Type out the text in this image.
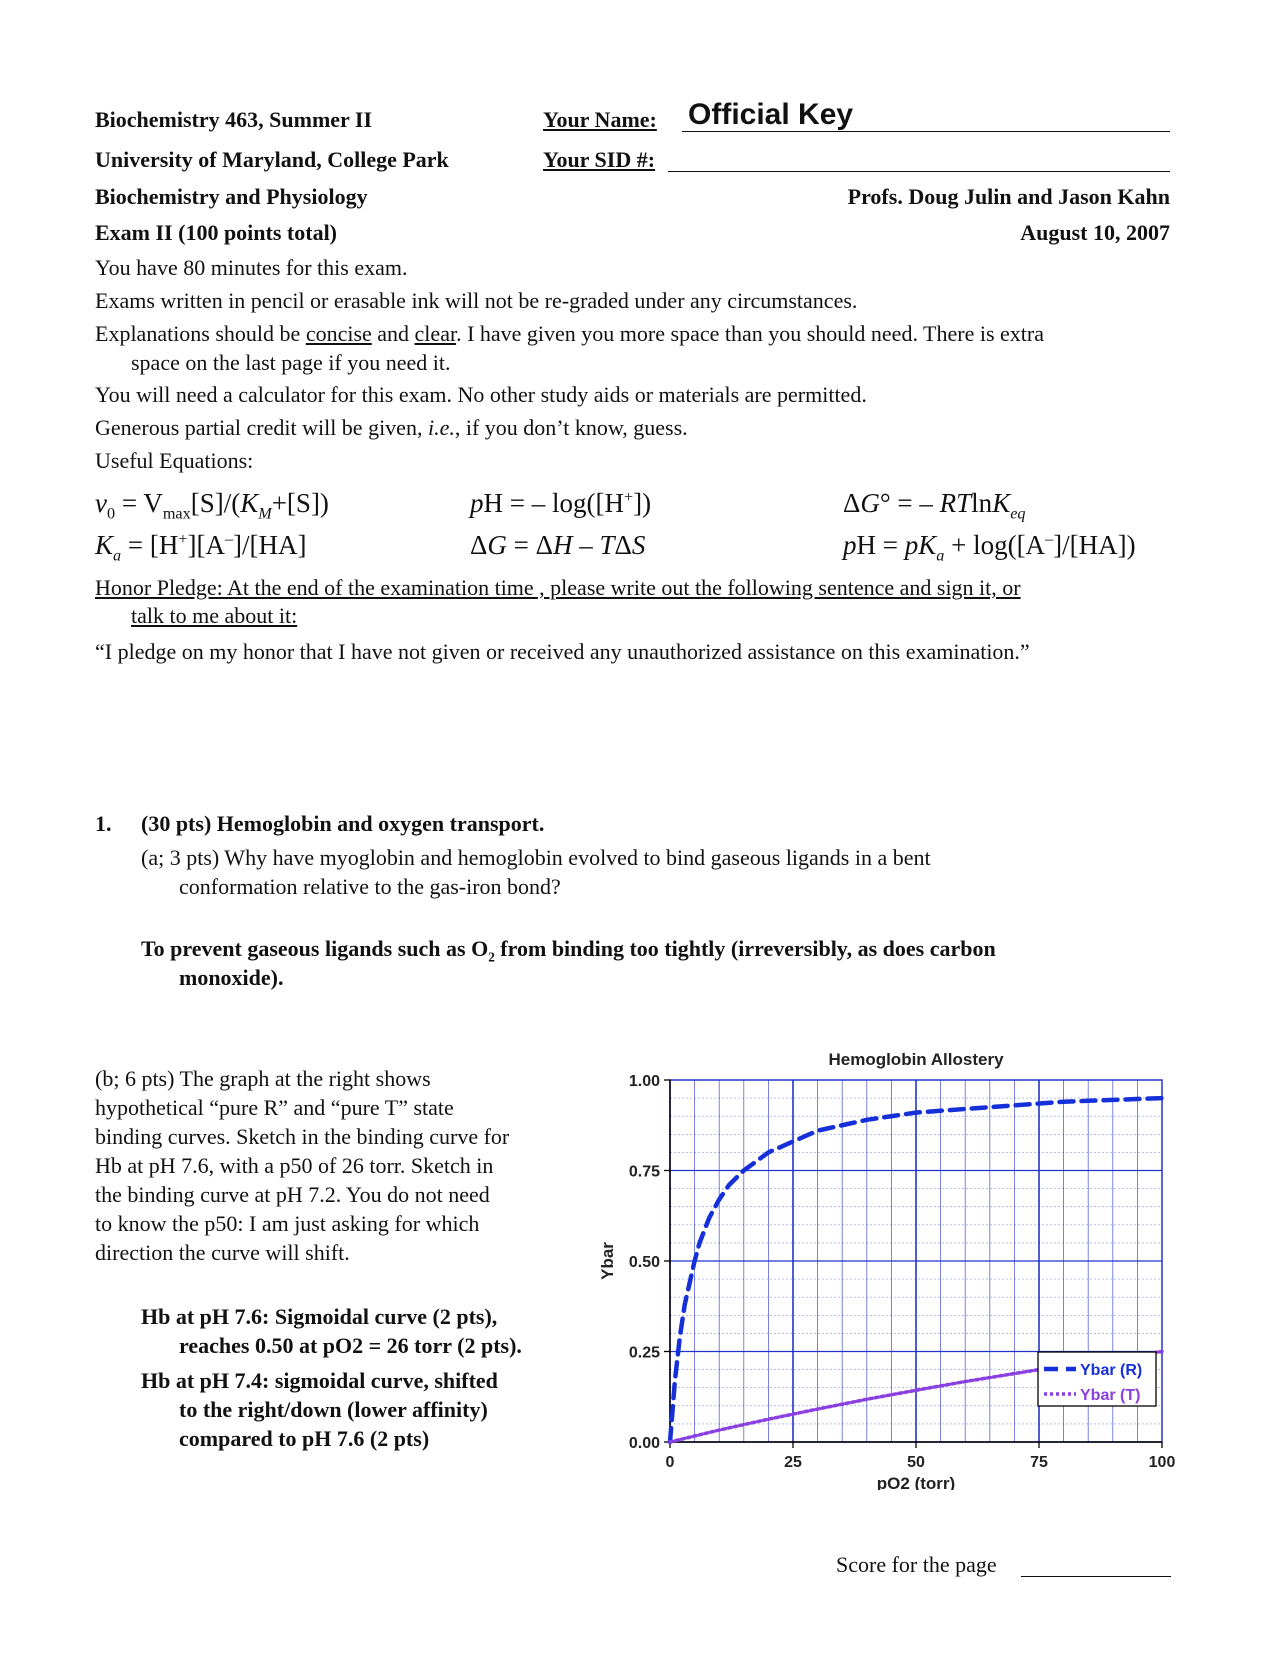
Biochemistry 463, Summer II
University of Maryland, College Park
Biochemistry and Physiology
Exam II (100 points total)
Your Name: Official Key
Your SID #:
Profs. Doug Julin and Jason Kahn
August 10, 2007
You have 80 minutes for this exam.
Exams written in pencil or erasable ink will not be re-graded under any circumstances.
Explanations should be concise and clear. I have given you more space than you should need. There is extra
space on the last page if you need it.
You will need a calculator for this exam. No other study aids or materials are permitted.
Generous partial credit will be given, i.e., if you don’t know, guess.
Useful Equations:
$v_0 = V_{max}[S]/(K_M+[S])$	pH = – log([H+])	ΔG° = – RTlnK$_{eq}$
$K_a = [H^+][A^-]/[HA]$	ΔG = ΔH – TΔS	pH = $pK_a + \log([A^-]/[HA])$
Honor Pledge: At the end of the examination time , please write out the following sentence and sign it, or
talk to me about it:
“I pledge on my honor that I have not given or received any unauthorized assistance on this examination.”
1. (30 pts) Hemoglobin and oxygen transport.
(a; 3 pts) Why have myoglobin and hemoglobin evolved to bind gaseous ligands in a bent
conformation relative to the gas-iron bond?
To prevent gaseous ligands such as $O_2$ from binding too tightly (irreversibly, as does carbon
monoxide).
(b; 6 pts) The graph at the right shows
hypothetical “pure R” and “pure T” state
binding curves. Sketch in the binding curve for
Hb at pH 7.6, with a p50 of 26 torr. Sketch in
the binding curve at pH 7.2. You do not need
to know the p50: I am just asking for which
direction the curve will shift.
Hb at pH 7.6: Sigmoidal curve (2 pts),
reaches 0.50 at pO2 = 26 torr (2 pts).
Hb at pH 7.4: sigmoidal curve, shifted
to the right/down (lower affinity)
compared to pH 7.6 (2 pts)
0	25	50	75	100
0.00
0.25
0.50
0.75
1.00
Hemoglobin Allostery
pO2 (torr)
Ybar
Ybar (R)
Ybar (T)
Score for the page
